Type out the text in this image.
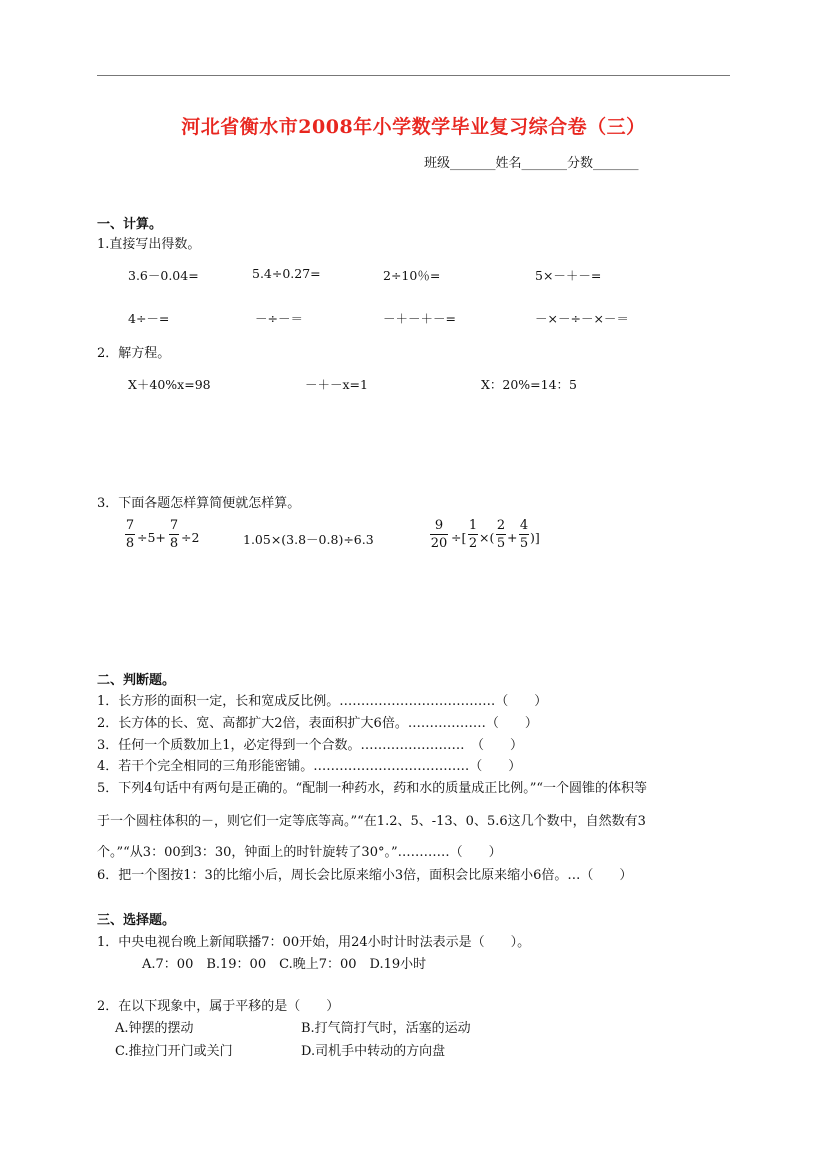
河北省衡水市2008年小学数学毕业复习综合卷（三）
班级_______姓名_______分数_______
一、计算。
1.直接写出得数。
3.6－0.04=	5.4÷0.27=	2÷10％=	5×－＋－=
4÷－=	－÷－＝	－＋－＋－=	－×－÷－×－＝
2．解方程。
X＋40%x=98	－＋－x=1	X：20%=14：5
3．下面各题怎样算简便就怎样算。
7
8 ÷5+
7
8 ÷2	1.05×(3.8－0.8)÷6.3
9
20 ÷[
1
2 ×(
2
5 +
4
5 )]
二、判断题。
1．长方形的面积一定，长和宽成反比例。………………………………（　　）
2．长方体的长、宽、高都扩大2倍，表面积扩大6倍。………………（　　）
3．任何一个质数加上1，必定得到一个合数。……………………　（　　）
4．若干个完全相同的三角形能密铺。………………………………（　　）
5．下列4句话中有两句是正确的。“配制一种药水，药和水的质量成正比例。”“一个圆锥的体积等
于一个圆柱体积的－，则它们一定等底等高。”“在1.2、5、-13、0、5.6这几个数中，自然数有3
个。”“从3：00到3：30，钟面上的时针旋转了30°。”…………（　　）
6．把一个图按1：3的比缩小后，周长会比原来缩小3倍，面积会比原来缩小6倍。…（　　）
三、选择题。
1．中央电视台晚上新闻联播7：00开始，用24小时计时法表示是（　　）。
A.7：00　B.19：00　C.晚上7：00　D.19小时
2．在以下现象中，属于平移的是（　　）
A.钟摆的摆动	B.打气筒打气时，活塞的运动
C.推拉门开门或关门	D.司机手中转动的方向盘
